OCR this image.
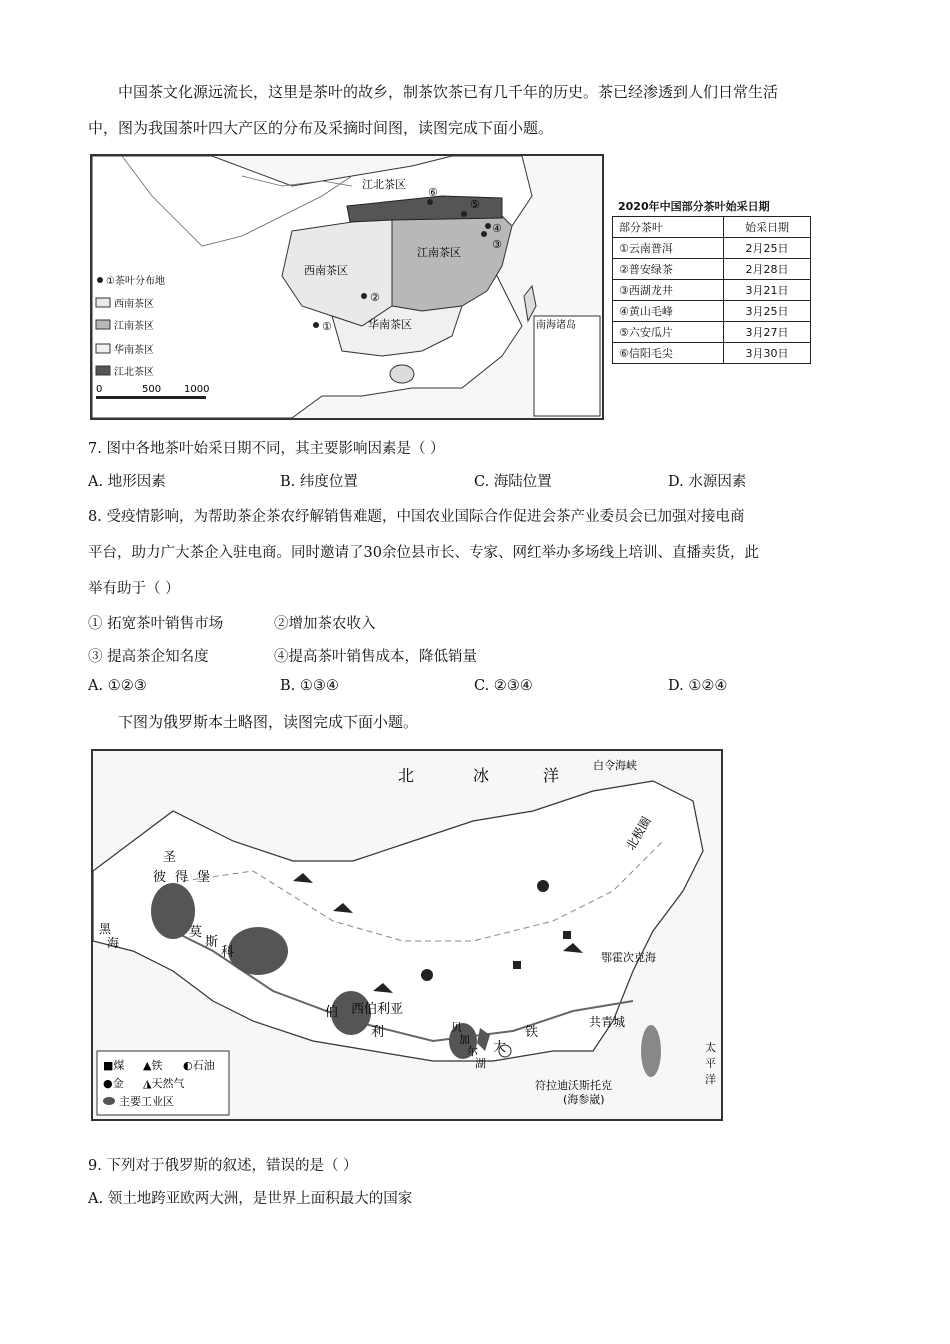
中国茶文化源远流长，这里是茶叶的故乡，制茶饮茶已有几千年的历史。茶已经渗透到人们日常生活
中，图为我国茶叶四大产区的分布及采摘时间图，读图完成下面小题。
①
②
③
④
⑤
⑥
江北茶区
江南茶区
西南茶区
华南茶区	南海诸岛
①茶叶分布地
西南茶区
江南茶区
华南茶区
江北茶区
0	500 1000
2020年中国部分茶叶始采日期
部分茶叶	始采日期
①云南普洱	2月25日
②普安绿茶	2月28日
③西湖龙井	3月21日
④黄山毛峰	3月25日
⑤六安瓜片	3月27日
⑥信阳毛尖	3月30日
7. 图中各地茶叶始采日期不同，其主要影响因素是（ ）
A. 地形因素	B. 纬度位置	C. 海陆位置	D. 水源因素
8. 受疫情影响，为帮助茶企茶农纾解销售难题，中国农业国际合作促进会茶产业委员会已加强对接电商
平台，助力广大茶企入驻电商。同时邀请了30余位县市长、专家、网红举办多场线上培训、直播卖货，此
举有助于（ ）
① 拓宽茶叶销售市场	②增加茶农收入
③ 提高茶企知名度	④提高茶叶销售成本，降低销量
A. ①②③	B. ①③④	C. ②③④	D. ①②④
下图为俄罗斯本土略图，读图完成下面小题。
北	冰	洋
白令海峡
北极圈
圣
彼 得 堡
莫
斯
科
西伯利亚
伯
利	贝
加
尔
湖
大
铁
共青城
鄂霍次克海
符拉迪沃斯托克
(海参崴)
太
平
洋
黑
海
■煤 ▲铁 ◐石油
●金 ◮天然气
主要工业区
9. 下列对于俄罗斯的叙述，错误的是（ ）
A. 领土地跨亚欧两大洲，是世界上面积最大的国家
